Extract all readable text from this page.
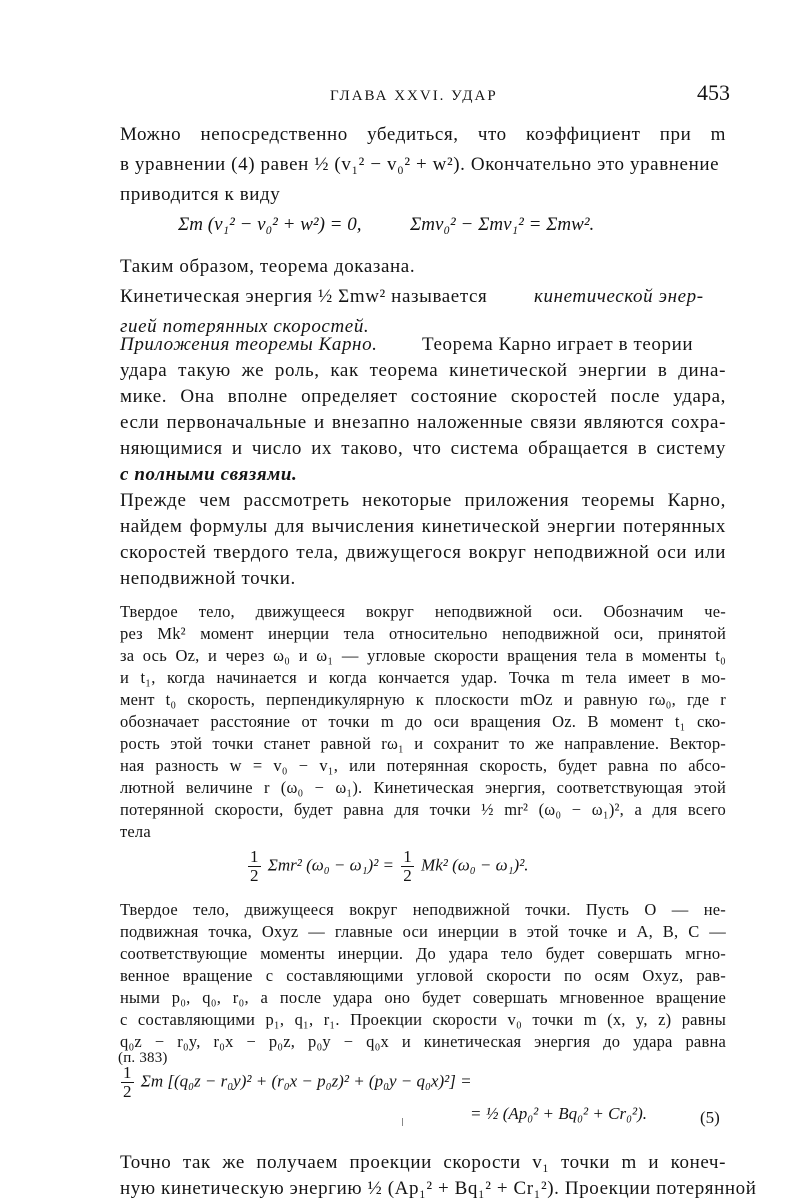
ГЛАВА XXVI. УДАР	453
Можно непосредственно убедиться, что коэффициент при m
в уравнении (4) равен ½ (v₁² − v₀² + w²). Окончательно это уравнение
приводится к виду
Σm (v₁² − v₀² + w²) = 0,	Σmv₀² − Σmv₁² = Σmw².
Таким образом, теорема доказана.
Кинетическая энергия ½ Σmw² называется кинетической энер-
гией потерянных скоростей.
Приложения теоремы Карно. Теорема Карно играет в теории
удара такую же роль, как теорема кинетической энергии в дина-
мике. Она вполне определяет состояние скоростей после удара,
если первоначальные и внезапно наложенные связи являются сохра-
няющимися и число их таково, что система обращается в систему
с полными связями.
Прежде чем рассмотреть некоторые приложения теоремы Карно,
найдем формулы для вычисления кинетической энергии потерянных
скоростей твердого тела, движущегося вокруг неподвижной оси или
неподвижной точки.
Твердое тело, движущееся вокруг неподвижной оси. Обозначим че-
рез Mk² момент инерции тела относительно неподвижной оси, принятой
за ось Oz, и через ω₀ и ω₁ — угловые скорости вращения тела в моменты t₀
и t₁, когда начинается и когда кончается удар. Точка m тела имеет в мо-
мент t₀ скорость, перпендикулярную к плоскости mOz и равную rω₀, где r
обозначает расстояние от точки m до оси вращения Oz. В момент t₁ ско-
рость этой точки станет равной rω₁ и сохранит то же направление. Вектор-
ная разность w = v₀ − v₁, или потерянная скорость, будет равна по абсо-
лютной величине r (ω₀ − ω₁). Кинетическая энергия, соответствующая этой
потерянной скорости, будет равна для точки ½ mr² (ω₀ − ω₁)², а для всего
тела
$\frac{1}{2} \Sigma mr^2$ $(\omega_0 - \omega_1)^2 = \frac{1}{2} Mk^2$ (ω₀ − ω₁)².
Твердое тело, движущееся вокруг неподвижной точки. Пусть O — не-
подвижная точка, Oxyz — главные оси инерции в этой точке и A, B, C —
соответствующие моменты инерции. До удара тело будет совершать мгно-
венное вращение с составляющими угловой скорости по осям Oxyz, рав-
ными p₀, q₀, r₀, а после удара оно будет совершать мгновенное вращение
с составляющими p₁, q₁, r₁. Проекции скорости v₀ точки m (x, y, z) равны
q₀z − r₀y, r₀x − p₀z, p₀y − q₀x и кинетическая энергия до удара равна
(п. 383)
$\frac{1}{2}$ Σm [(q₀z − r₀y)² + (r₀x − p₀z)² + (p₀y − q₀x)²] =
= ½ (Ap₀² + Bq₀² + Cr₀²).	(5)
Точно так же получаем проекции скорости v₁ точки m и конеч-
ную кинетическую энергию ½ (Ap₁² + Bq₁² + Cr₁²). Проекции потерянной
